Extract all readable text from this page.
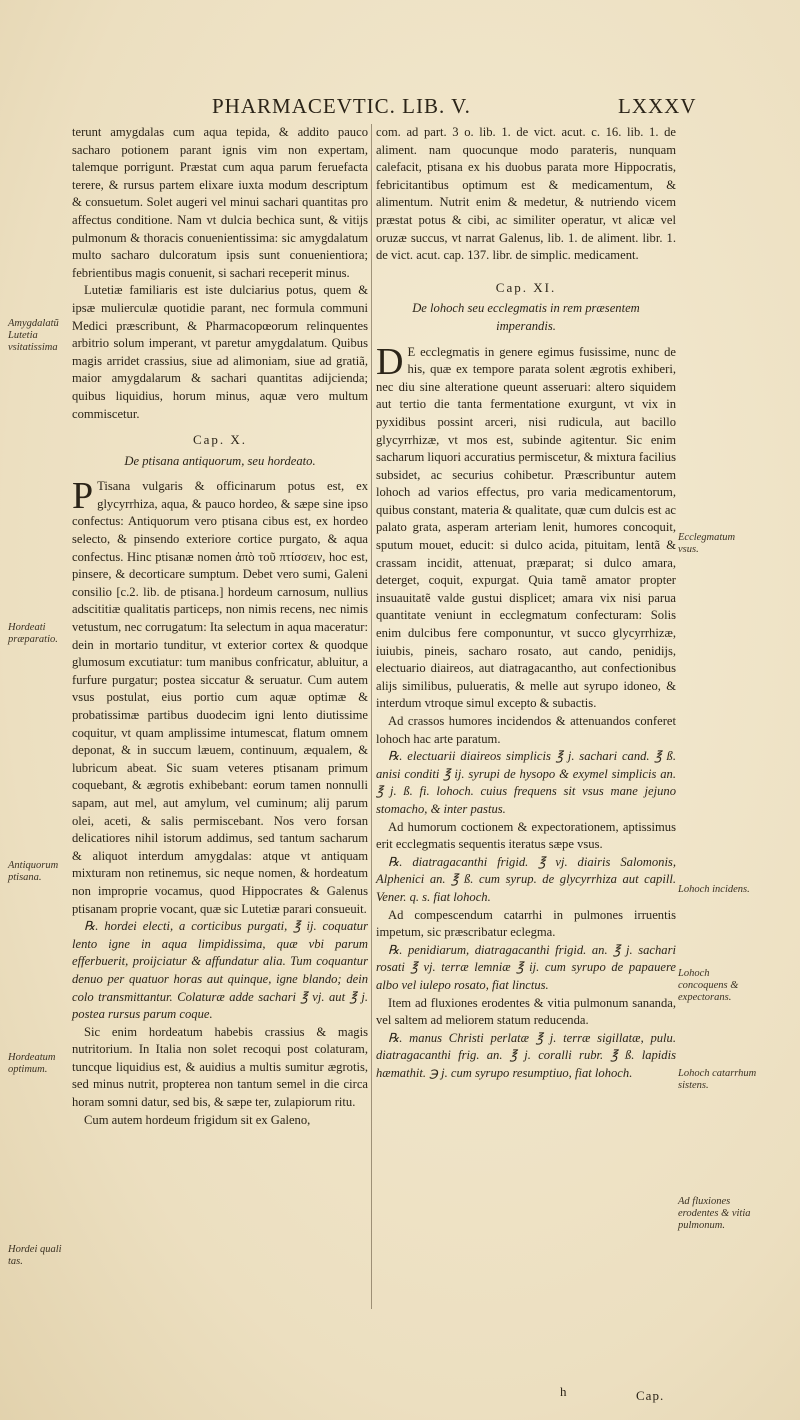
PHARMACEVTIC. LIB. V.	LXXXV

terunt amygdalas cum aqua tepida, & addito pauco sacharo potionem parant ignis vim non expertam, talemque porrigunt. Præstat cum aqua parum feruefacta terere, & rursus partem elixare iuxta modum descriptum & consuetum. Solet augeri vel minui sachari quantitas pro affectus conditione. Nam vt dulcia bechica sunt, & vitijs pulmonum & thoracis conuenientissima: sic amygdalatum multo sacharo dulcoratum ipsis sunt conuenientiora; febrientibus magis conuenit, si sachari receperit minus.

Lutetiæ familiaris est iste dulciarius potus, quem & ipsæ mulierculæ quotidie parant, nec formula communi Medici præscribunt, & Pharmacopœorum relinquentes arbitrio solum imperant, vt paretur amygdalatum. Quibus magis arridet crassius, siue ad alimoniam, siue ad gratiã, maior amygdalarum & sachari quantitas adijcienda; quibus liquidius, horum minus, aquæ vero multum commiscetur.

Cap. X.

De ptisana antiquorum, seu hordeato.

PTisana vulgaris & officinarum potus est, ex glycyrrhiza, aqua, & pauco hordeo, & sæpe sine ipso confectus: Antiquorum vero ptisana cibus est, ex hordeo selecto, & pinsendo exteriore cortice purgato, & aqua confectus. Hinc ptisanæ nomen ἀπὸ τοῦ πτίσσειν, hoc est, pinsere, & decorticare sumptum. Debet vero sumi, Galeni consilio [c.2. lib. de ptisana.] hordeum carnosum, nullius adscititiæ qualitatis particeps, non nimis recens, nec nimis vetustum, nec corrugatum: Ita selectum in aqua maceratur: dein in mortario tunditur, vt exterior cortex & quodque glumosum excutiatur: tum manibus confricatur, abluitur, a furfure purgatur; postea siccatur & seruatur. Cum autem vsus postulat, eius portio cum aquæ optimæ & probatissimæ partibus duodecim igni lento diutissime coquitur, vt quam amplissime intumescat, flatum omnem deponat, & in succum læuem, continuum, æqualem, & lubricum abeat. Sic suam veteres ptisanam primum coquebant, & ægrotis exhibebant: eorum tamen nonnulli sapam, aut mel, aut amylum, vel cuminum; alij parum olei, aceti, & salis permiscebant. Nos vero forsan delicatiores nihil istorum addimus, sed tantum sacharum & aliquot interdum amygdalas: atque vt antiquam mixturam non retinemus, sic neque nomen, & hordeatum non improprie vocamus, quod Hippocrates & Galenus ptisanam proprie vocant, quæ sic Lutetiæ parari consueuit.

℞. hordei electi, a corticibus purgati, ℥ ij. coquatur lento igne in aqua limpidissima, quæ vbi parum efferbuerit, proijciatur & affundatur alia. Tum coquantur denuo per quatuor horas aut quinque, igne blando; dein colo transmittantur. Colaturæ adde sachari ℥ vj. aut ℥ j. postea rursus parum coque.

Sic enim hordeatum habebis crassius & magis nutritorium. In Italia non solet recoqui post colaturam, tuncque liquidius est, & auidius a multis sumitur ægrotis, sed minus nutrit, propterea non tantum semel in die circa horam somni datur, sed bis, & sæpe ter, zulapiorum ritu.

Cum autem hordeum frigidum sit ex Galeno,

com. ad part. 3 o. lib. 1. de vict. acut. c. 16. lib. 1. de aliment. nam quocunque modo parateris, nunquam calefacit, ptisana ex his duobus parata more Hippocratis, febricitantibus optimum est & medicamentum, & alimentum. Nutrit enim & medetur, & nutriendo vicem præstat potus & cibi, ac similiter operatur, vt alicæ vel oruzæ succus, vt narrat Galenus, lib. 1. de aliment. libr. 1. de vict. acut. cap. 137. libr. de simplic. medicament.

Cap. XI.

De lohoch seu ecclegmatis in rem præsentem imperandis.

DE ecclegmatis in genere egimus fusissime, nunc de his, quæ ex tempore parata solent ægrotis exhiberi, nec diu sine alteratione queunt asseruari: altero siquidem aut tertio die tanta fermentatione exurgunt, vt vix in pyxidibus possint arceri, nisi rudicula, aut bacillo glycyrrhizæ, vt mos est, subinde agitentur. Sic enim sacharum liquori accuratius permiscetur, & mixtura facilius subsidet, ac securius cohibetur. Præscribuntur autem lohoch ad varios effectus, pro varia medicamentorum, quibus constant, materia & qualitate, quæ cum dulcis est ac palato grata, asperam arteriam lenit, humores concoquit, sputum mouet, educit: si dulco acida, pituitam, lentã & crassam incidit, attenuat, præparat; si dulco amara, deterget, coquit, expurgat. Quia tamẽ amator propter insuauitatẽ valde gustui displicet; amara vix nisi parua quantitate veniunt in ecclegmatum confecturam: Solis enim dulcibus fere componuntur, vt succo glycyrrhizæ, iuiubis, pineis, sacharo rosato, aut cando, penidijs, electuario diaireos, aut diatragacantho, aut confectionibus alijs similibus, pulueratis, & melle aut syrupo idoneo, & interdum vtroque simul excepto & subactis.

Ad crassos humores incidendos & attenuandos conferet lohoch hac arte paratum.

℞. electuarii diaireos simplicis ℥ j. sachari cand. ℥ ß. anisi conditi ℥ ij. syrupi de hysopo & exymel simplicis an. ℥ j. ß. fi. lohoch. cuius frequens sit vsus mane jejuno stomacho, & inter pastus.

Ad humorum coctionem & expectorationem, aptissimus erit ecclegmatis sequentis iteratus sæpe vsus.

℞. diatragacanthi frigid. ℥ vj. diairis Salomonis, Alphenici an. ℥ ß. cum syrup. de glycyrrhiza aut capill. Vener. q. s. fiat lohoch.

Ad compescendum catarrhi in pulmones irruentis impetum, sic præscribatur eclegma.

℞. penidiarum, diatragacanthi frigid. an. ℥ j. sachari rosati ℥ vj. terræ lemniæ ℥ ij. cum syrupo de papauere albo vel iulepo rosato, fiat linctus.

Item ad fluxiones erodentes & vitia pulmonum sananda, vel saltem ad meliorem statum reducenda.

℞. manus Christi perlatæ ℥ j. terræ sigillatæ, pulu. diatragacanthi frig. an. ℥ j. coralli rubr. ℥ ß. lapidis hæmathit. ℈ j. cum syrupo resumptiuo, fiat lohoch.

Amygdalatũ Lutetia vsitatissima
Hordeati præparatio.
Antiquorum ptisana.
Hordeatum optimum.
Hordei quali tas.
Ecclegmatum vsus.
Lohoch incidens.
Lohoch concoquens & expectorans.
Lohoch catarrhum sistens.
Ad fluxiones erodentes & vitia pulmonum.
h	Cap.
